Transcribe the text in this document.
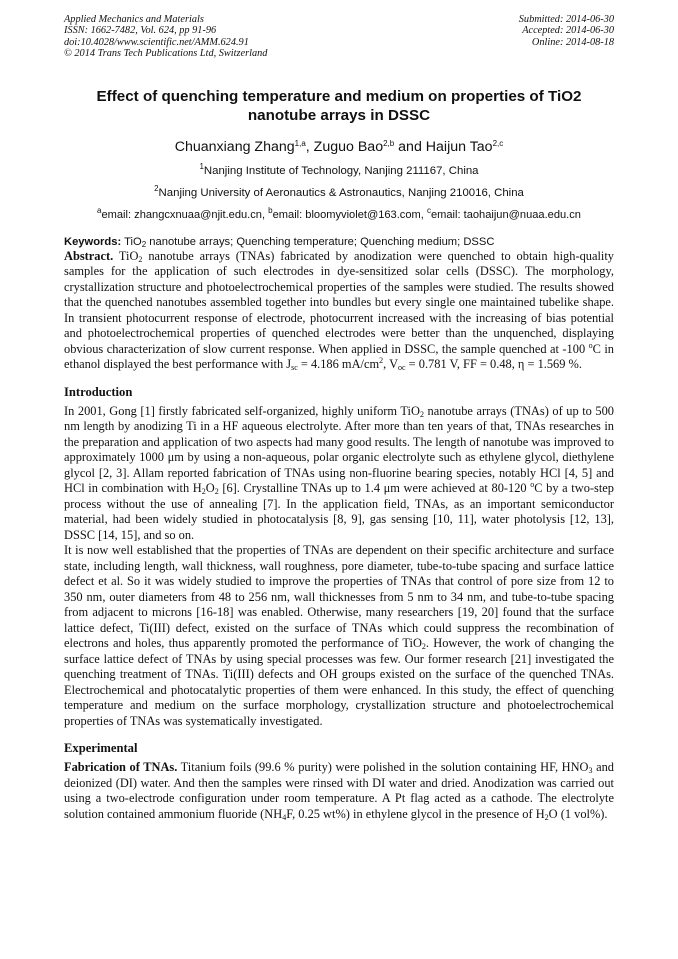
Applied Mechanics and Materials
ISSN: 1662-7482, Vol. 624, pp 91-96
doi:10.4028/www.scientific.net/AMM.624.91
© 2014 Trans Tech Publications Ltd, Switzerland
Submitted: 2014-06-30
Accepted: 2014-06-30
Online: 2014-08-18
Effect of quenching temperature and medium on properties of TiO2 nanotube arrays in DSSC
Chuanxiang Zhang$^{1,a}$, Zuguo Bao$^{2,b}$ and Haijun Tao$^{2,c}$
$^1$Nanjing Institute of Technology, Nanjing 211167, China
$^2$Nanjing University of Aeronautics & Astronautics, Nanjing 210016, China
$^a$email: zhangcxnuaa@njit.edu.cn, $^b$email: bloomyviolet@163.com, $^c$email: taohaijun@nuaa.edu.cn
Keywords: TiO$_2$ nanotube arrays; Quenching temperature; Quenching medium; DSSC

Abstract. TiO$_2$ nanotube arrays (TNAs) fabricated by anodization were quenched to obtain high-quality samples for the application of such electrodes in dye-sensitized solar cells (DSSC). The morphology, crystallization structure and photoelectrochemical properties of the samples were studied. The results showed that the quenched nanotubes assembled together into bundles but every single one maintained tubelike shape. In transient photocurrent response of electrode, photocurrent increased with the increasing of bias potential and photoelectrochemical properties of quenched electrodes were better than the unquenched, displaying obvious characterization of slow current response. When applied in DSSC, the sample quenched at -100 $^o$C in ethanol displayed the best performance with $J_{sc} = 4.186$ $mA/cm^2$, $V_{oc} = 0.781$ V, FF = 0.48, η = 1.569 %.

Introduction

In 2001, Gong [1] firstly fabricated self-organized, highly uniform TiO$_2$ nanotube arrays (TNAs) of up to 500 nm length by anodizing Ti in a HF aqueous electrolyte. After more than ten years of that, TNAs researches in the preparation and application of two aspects had many good results. The length of nanotube was improved to approximately 1000 μm by using a non-aqueous, polar organic electrolyte such as ethylene glycol, diethylene glycol [2, 3]. Allam reported fabrication of TNAs using non-fluorine bearing species, notably HCl [4, 5] and HCl in combination with $H_2O_2$ [6]. Crystalline TNAs up to 1.4 μm were achieved at 80-120 $^o$C by a two-step process without the use of annealing [7]. In the application field, TNAs, as an important semiconductor material, had been widely studied in photocatalysis [8, 9], gas sensing [10, 11], water photolysis [12, 13], DSSC [14, 15], and so on.

It is now well established that the properties of TNAs are dependent on their specific architecture and surface state, including length, wall thickness, wall roughness, pore diameter, tube-to-tube spacing and surface lattice defect et al. So it was widely studied to improve the properties of TNAs that control of pore size from 12 to 350 nm, outer diameters from 48 to 256 nm, wall thicknesses from 5 nm to 34 nm, and tube-to-tube spacing from adjacent to microns [16-18] was enabled. Otherwise, many researchers [19, 20] found that the surface lattice defect, Ti(III) defect, existed on the surface of TNAs which could suppress the recombination of electrons and holes, thus apparently promoted the performance of TiO$_2$. However, the work of changing the surface lattice defect of TNAs by using special processes was few. Our former research [21] investigated the quenching treatment of TNAs. Ti(III) defects and OH groups existed on the surface of the quenched TNAs. Electrochemical and photocatalytic properties of them were enhanced. In this study, the effect of quenching temperature and medium on the surface morphology, crystallization structure and photoelectrochemical properties of TNAs was systematically investigated.

Experimental

Fabrication of TNAs. Titanium foils (99.6 % purity) were polished in the solution containing HF, $HNO_3$ and deionized (DI) water. And then the samples were rinsed with DI water and dried. Anodization was carried out using a two-electrode configuration under room temperature. A Pt flag acted as a cathode. The electrolyte solution contained ammonium fluoride ($NH_4F$, 0.25 wt%) in ethylene glycol in the presence of $H_2O$ (1 vol%).
